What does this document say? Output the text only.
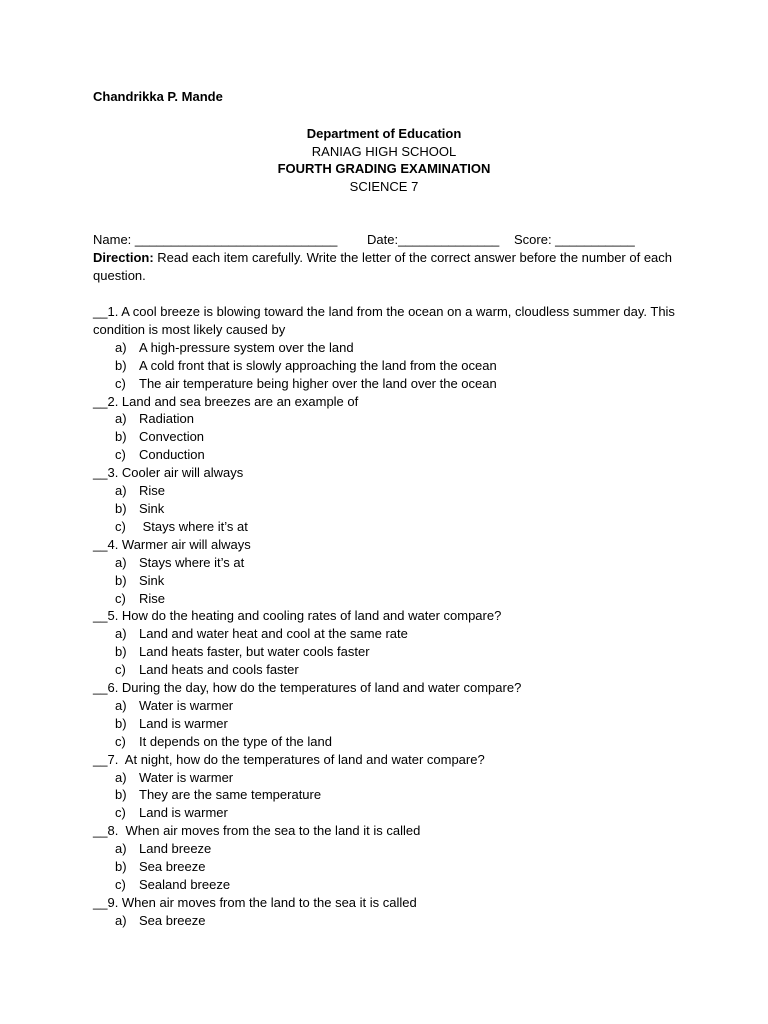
Chandrikka P. Mande
Department of Education
RANIAG HIGH SCHOOL
FOURTH GRADING EXAMINATION
SCIENCE 7
Name: ____________________________ Date:______________ Score: ___________
Direction: Read each item carefully. Write the letter of the correct answer before the number of each question.
__1. A cool breeze is blowing toward the land from the ocean on a warm, cloudless summer day. This condition is most likely caused by
a) A high-pressure system over the land
b) A cold front that is slowly approaching the land from the ocean
c) The air temperature being higher over the land over the ocean
__2. Land and sea breezes are an example of
a) Radiation
b) Convection
c) Conduction
__3. Cooler air will always
a) Rise
b) Sink
c) Stays where it’s at
__4. Warmer air will always
a) Stays where it’s at
b) Sink
c) Rise
__5. How do the heating and cooling rates of land and water compare?
a) Land and water heat and cool at the same rate
b) Land heats faster, but water cools faster
c) Land heats and cools faster
__6. During the day, how do the temperatures of land and water compare?
a) Water is warmer
b) Land is warmer
c) It depends on the type of the land
__7.  At night, how do the temperatures of land and water compare?
a) Water is warmer
b) They are the same temperature
c) Land is warmer
__8.  When air moves from the sea to the land it is called
a) Land breeze
b) Sea breeze
c) Sealand breeze
__9. When air moves from the land to the sea it is called
a) Sea breeze
